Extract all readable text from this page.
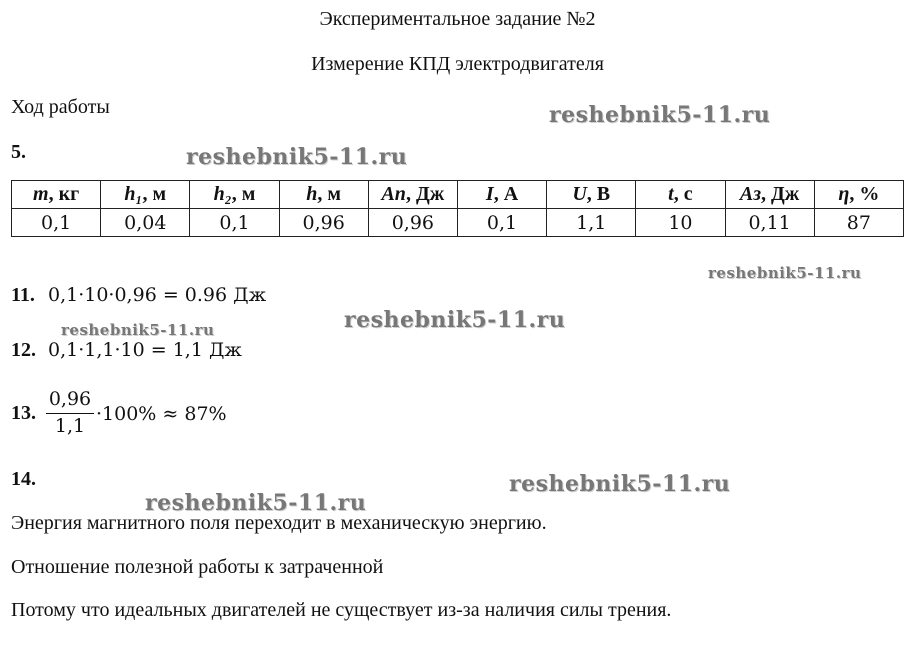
Экспериментальное задание №2
Измерение КПД электродвигателя
Ход работы
5.
m, кг	h₁, м	h₂, м	h, м	Aп, Дж	I, А	U, В	t, с	Aз, Дж	η, %
0,1	0,04	0,1	0,96	0,96	0,1	1,1	10	0,11	87
11. 0,1·10·0,96 = 0.96 Дж
12. 0,1·1,1·10 = 1,1 Дж
13.
0,96
1,1
·100% ≈ 87%
14.
Энергия магнитного поля переходит в механическую энергию.
Отношение полезной работы к затраченной
Потому что идеальных двигателей не существует из-за наличия силы трения.
reshebnik5-11.ru
reshebnik5-11.ru
reshebnik5-11.ru
reshebnik5-11.ru
reshebnik5-11.ru
reshebnik5-11.ru
reshebnik5-11.ru
